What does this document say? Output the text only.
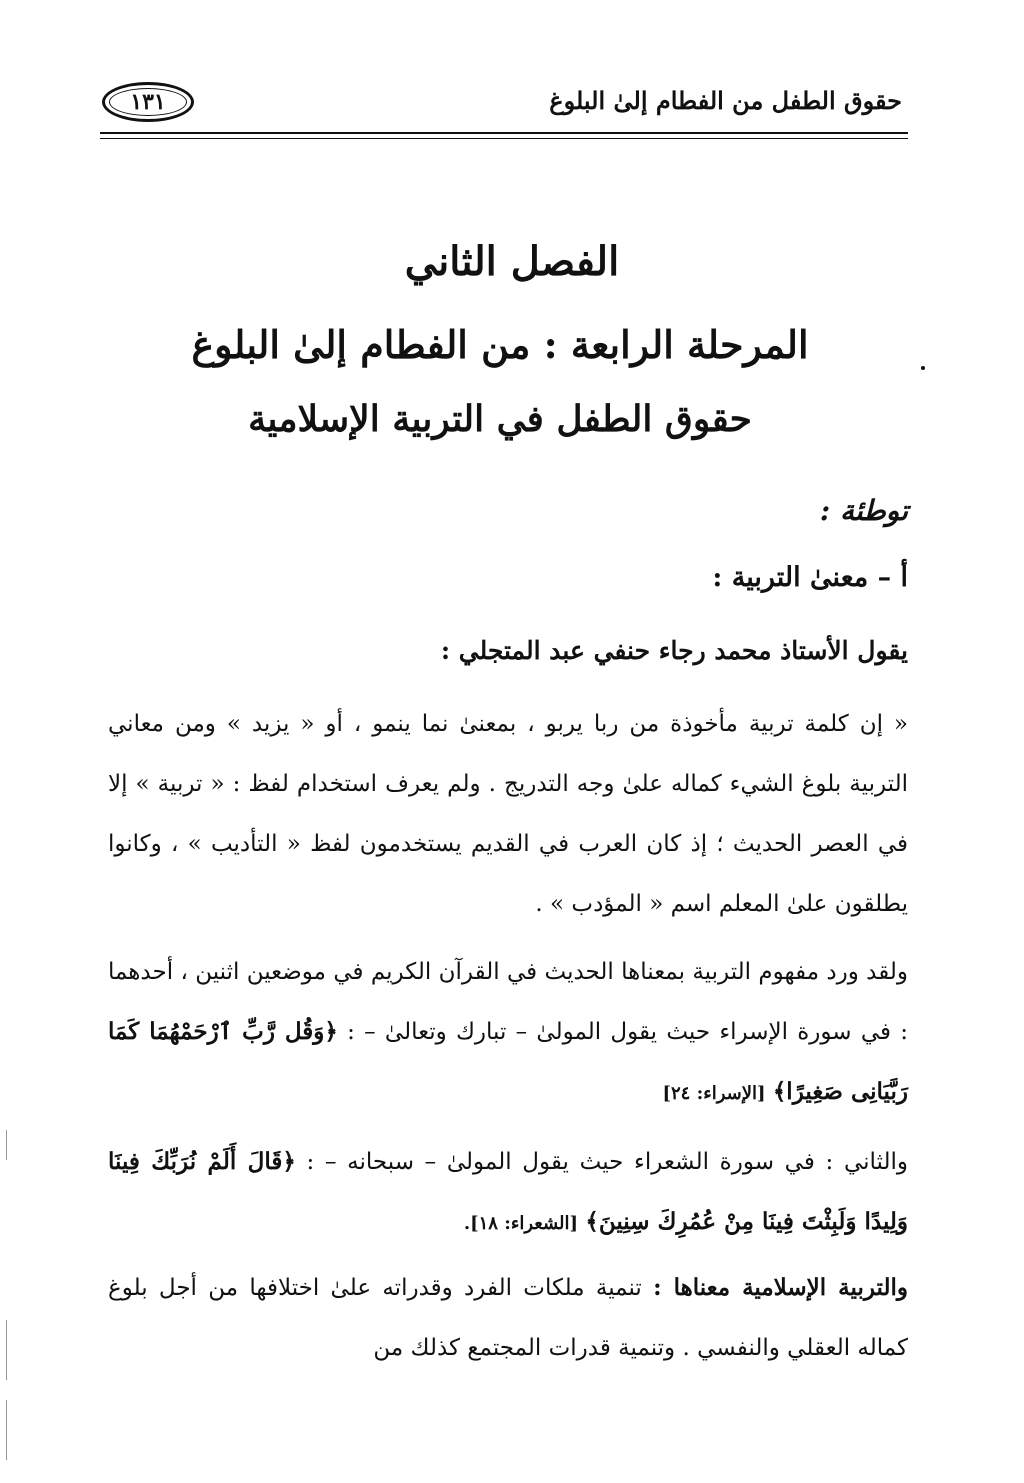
حقوق الطفل من الفطام إلىٰ البلوغ
١٣١
الفصل الثاني
المرحلة الرابعة : من الفطام إلىٰ البلوغ
حقوق الطفل في التربية الإسلامية
توطئة :
أ – معنىٰ التربية :
يقول الأستاذ محمد رجاء حنفي عبد المتجلي :
« إن كلمة تربية مأخوذة من ربا يربو ، بمعنىٰ نما ينمو ، أو « يزيد » ومن معاني التربية بلوغ الشيء كماله علىٰ وجه التدريج . ولم يعرف استخدام لفظ : « تربية » إلا في العصر الحديث ؛ إذ كان العرب في القديم يستخدمون لفظ « التأديب » ، وكانوا يطلقون علىٰ المعلم اسم « المؤدب » .
ولقد ورد مفهوم التربية بمعناها الحديث في القرآن الكريم في موضعين اثنين ، أحدهما : في سورة الإسراء حيث يقول المولىٰ – تبارك وتعالىٰ – : ﴿وَقُل رَّبِّ ٱرْحَمْهُمَا كَمَا رَبَّيَانِى صَغِيرًا﴾ [الإسراء: ٢٤]
والثاني : في سورة الشعراء حيث يقول المولىٰ – سبحانه – : ﴿قَالَ أَلَمْ نُرَبِّكَ فِينَا وَلِيدًا وَلَبِثْتَ فِينَا مِنْ عُمُرِكَ سِنِينَ﴾ [الشعراء: ١٨].
والتربية الإسلامية معناها : تنمية ملكات الفرد وقدراته علىٰ اختلافها من أجل بلوغ كماله العقلي والنفسي . وتنمية قدرات المجتمع كذلك من
